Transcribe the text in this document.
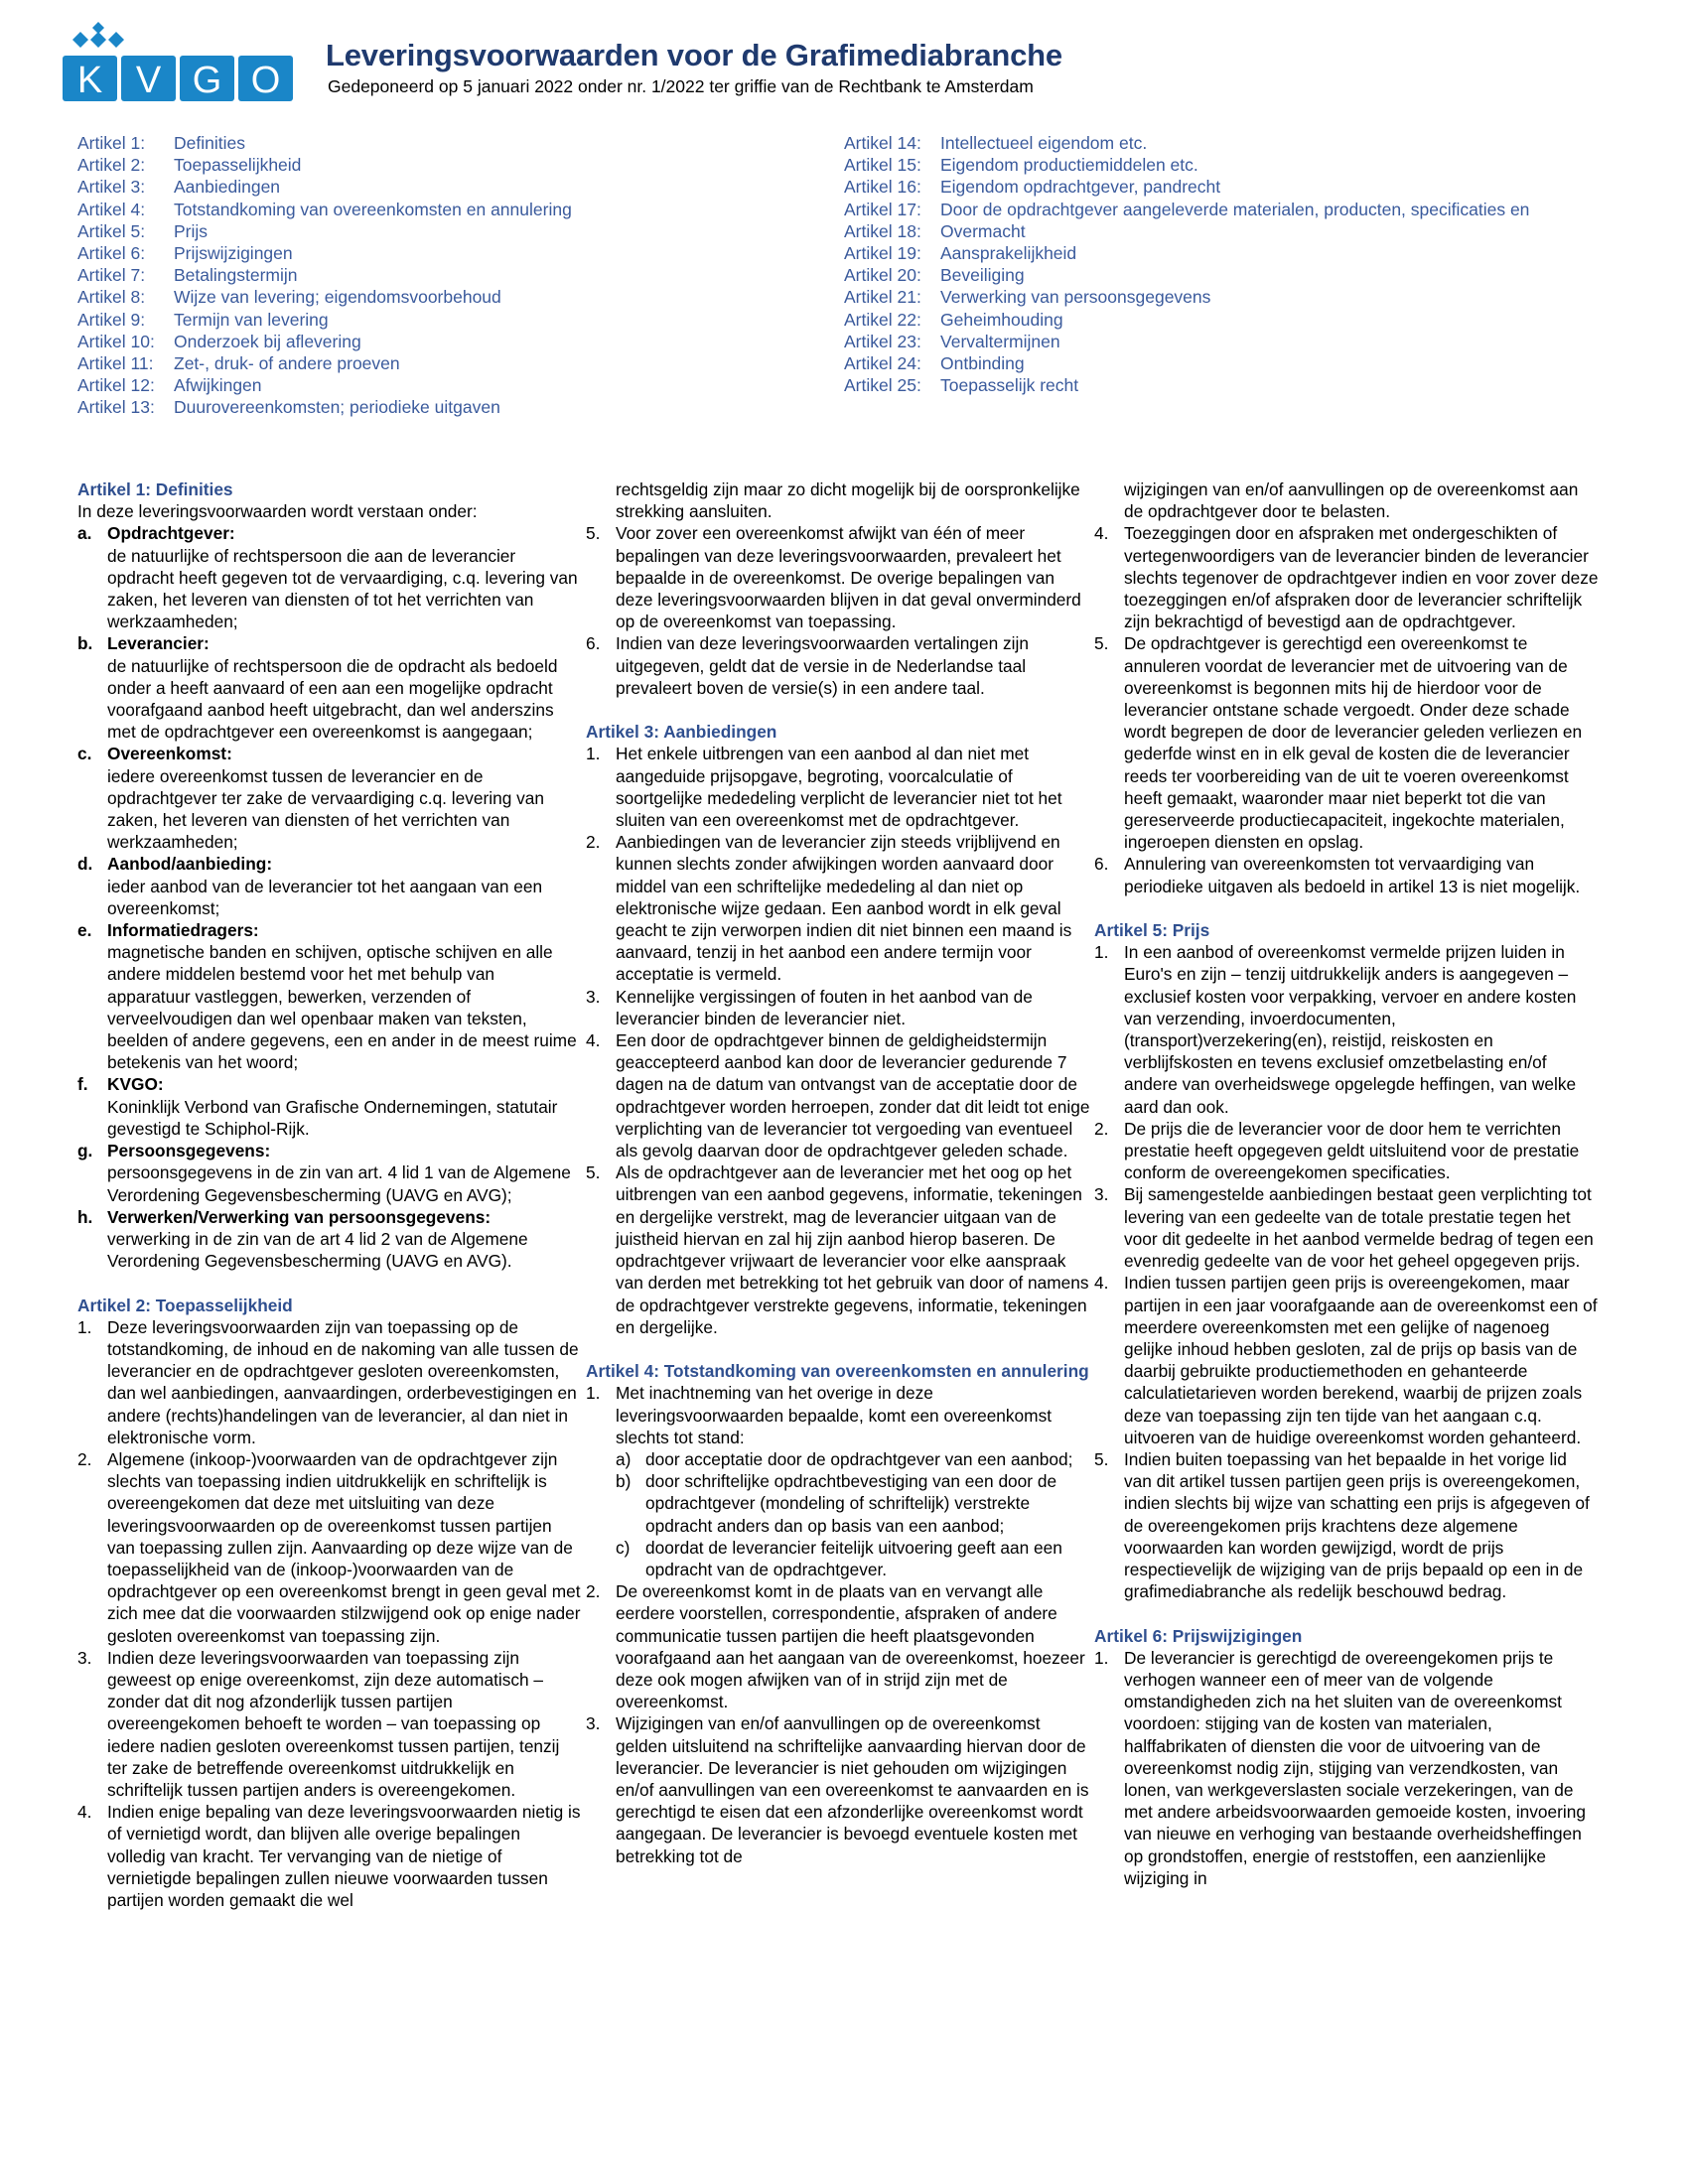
K V G O
Leveringsvoorwaarden voor de Grafimediabranche
Gedeponeerd op 5 januari 2022 onder nr. 1/2022 ter griffie van de Rechtbank te Amsterdam
Artikel 1:	Definities
Artikel 2:	Toepasselijkheid
Artikel 3:	Aanbiedingen
Artikel 4:	Totstandkoming van overeenkomsten en annulering
Artikel 5:	Prijs
Artikel 6:	Prijswijzigingen
Artikel 7:	Betalingstermijn
Artikel 8:	Wijze van levering; eigendomsvoorbehoud
Artikel 9:	Termijn van levering
Artikel 10:	Onderzoek bij aflevering
Artikel 11:	Zet-, druk- of andere proeven
Artikel 12:	Afwijkingen
Artikel 13:	Duurovereenkomsten; periodieke uitgaven
Artikel 14:	Intellectueel eigendom etc.
Artikel 15:	Eigendom productiemiddelen etc.
Artikel 16:	Eigendom opdrachtgever, pandrecht
Artikel 17:	Door de opdrachtgever aangeleverde materialen, producten, specificaties en
Artikel 18:	Overmacht
Artikel 19:	Aansprakelijkheid
Artikel 20:	Beveiliging
Artikel 21:	Verwerking van persoonsgegevens
Artikel 22:	Geheimhouding
Artikel 23:	Vervaltermijnen
Artikel 24:	Ontbinding
Artikel 25:	Toepasselijk recht
Artikel 1: Definities
In deze leveringsvoorwaarden wordt verstaan onder:
a. Opdrachtgever:
de natuurlijke of rechtspersoon die aan de leverancier opdracht heeft gegeven tot de vervaardiging, c.q. levering van zaken, het leveren van diensten of tot het verrichten van werkzaamheden;
b. Leverancier:
de natuurlijke of rechtspersoon die de opdracht als bedoeld onder a heeft aanvaard of een aan een mogelijke opdracht voorafgaand aanbod heeft uitgebracht, dan wel anderszins met de opdrachtgever een overeenkomst is aangegaan;
c. Overeenkomst:
iedere overeenkomst tussen de leverancier en de opdrachtgever ter zake de vervaardiging c.q. levering van zaken, het leveren van diensten of het verrichten van werkzaamheden;
d. Aanbod/aanbieding:
ieder aanbod van de leverancier tot het aangaan van een overeenkomst;
e. Informatiedragers:
magnetische banden en schijven, optische schijven en alle andere middelen bestemd voor het met behulp van apparatuur vastleggen, bewerken, verzenden of verveelvoudigen dan wel openbaar maken van teksten, beelden of andere gegevens, een en ander in de meest ruime betekenis van het woord;
f.	KVGO:
Koninklijk Verbond van Grafische Ondernemingen, statutair gevestigd te Schiphol-Rijk.
g. Persoonsgegevens:
persoonsgegevens in de zin van art. 4 lid 1 van de Algemene Verordening Gegevensbescherming (UAVG en AVG);
h. Verwerken/Verwerking van persoonsgegevens:
verwerking in de zin van de art 4 lid 2 van de Algemene Verordening Gegevensbescherming (UAVG en AVG).
Artikel 2: Toepasselijkheid
1. Deze leveringsvoorwaarden zijn van toepassing op de totstandkoming, de inhoud en de nakoming van alle tussen de leverancier en de opdrachtgever gesloten overeenkomsten, dan wel aanbiedingen, aanvaardingen, orderbevestigingen en andere (rechts)handelingen van de leverancier, al dan niet in elektronische vorm.
2. Algemene (inkoop-)voorwaarden van de opdrachtgever zijn slechts van toepassing indien uitdrukkelijk en schriftelijk is overeengekomen dat deze met uitsluiting van deze leveringsvoorwaarden op de overeenkomst tussen partijen van toepassing zullen zijn. Aanvaarding op deze wijze van de toepasselijkheid van de (inkoop-)voorwaarden van de opdrachtgever op een overeenkomst brengt in geen geval met zich mee dat die voorwaarden stilzwijgend ook op enige nader gesloten overeenkomst van toepassing zijn.
3. Indien deze leveringsvoorwaarden van toepassing zijn geweest op enige overeenkomst, zijn deze automatisch – zonder dat dit nog afzonderlijk tussen partijen overeengekomen behoeft te worden – van toepassing op iedere nadien gesloten overeenkomst tussen partijen, tenzij ter zake de betreffende overeenkomst uitdrukkelijk en schriftelijk tussen partijen anders is overeengekomen.
4. Indien enige bepaling van deze leveringsvoorwaarden nietig is of vernietigd wordt, dan blijven alle overige bepalingen volledig van kracht. Ter vervanging van de nietige of vernietigde bepalingen zullen nieuwe voorwaarden tussen partijen worden gemaakt die wel
rechtsgeldig zijn maar zo dicht mogelijk bij de oorspronkelijke strekking aansluiten.
5. Voor zover een overeenkomst afwijkt van één of meer bepalingen van deze leveringsvoorwaarden, prevaleert het bepaalde in de overeenkomst. De overige bepalingen van deze leveringsvoorwaarden blijven in dat geval onverminderd op de overeenkomst van toepassing.
6. Indien van deze leveringsvoorwaarden vertalingen zijn uitgegeven, geldt dat de versie in de Nederlandse taal prevaleert boven de versie(s) in een andere taal.
Artikel 3: Aanbiedingen
1. Het enkele uitbrengen van een aanbod al dan niet met aangeduide prijsopgave, begroting, voorcalculatie of soortgelijke mededeling verplicht de leverancier niet tot het sluiten van een overeenkomst met de opdrachtgever.
2. Aanbiedingen van de leverancier zijn steeds vrijblijvend en kunnen slechts zonder afwijkingen worden aanvaard door middel van een schriftelijke mededeling al dan niet op elektronische wijze gedaan. Een aanbod wordt in elk geval geacht te zijn verworpen indien dit niet binnen een maand is aanvaard, tenzij in het aanbod een andere termijn voor acceptatie is vermeld.
3. Kennelijke vergissingen of fouten in het aanbod van de leverancier binden de leverancier niet.
4. Een door de opdrachtgever binnen de geldigheidstermijn geaccepteerd aanbod kan door de leverancier gedurende 7 dagen na de datum van ontvangst van de acceptatie door de opdrachtgever worden herroepen, zonder dat dit leidt tot enige verplichting van de leverancier tot vergoeding van eventueel als gevolg daarvan door de opdrachtgever geleden schade.
5. Als de opdrachtgever aan de leverancier met het oog op het uitbrengen van een aanbod gegevens, informatie, tekeningen en dergelijke verstrekt, mag de leverancier uitgaan van de juistheid hiervan en zal hij zijn aanbod hierop baseren. De opdrachtgever vrijwaart de leverancier voor elke aanspraak van derden met betrekking tot het gebruik van door of namens de opdrachtgever verstrekte gegevens, informatie, tekeningen en dergelijke.
Artikel 4: Totstandkoming van overeenkomsten en annulering
1. Met inachtneming van het overige in deze leveringsvoorwaarden bepaalde, komt een overeenkomst slechts tot stand:
a) door acceptatie door de opdrachtgever van een aanbod;
b) door schriftelijke opdrachtbevestiging van een door de opdrachtgever (mondeling of schriftelijk) verstrekte opdracht anders dan op basis van een aanbod;
c) doordat de leverancier feitelijk uitvoering geeft aan een opdracht van de opdrachtgever.
2. De overeenkomst komt in de plaats van en vervangt alle eerdere voorstellen, correspondentie, afspraken of andere communicatie tussen partijen die heeft plaatsgevonden voorafgaand aan het aangaan van de overeenkomst, hoezeer deze ook mogen afwijken van of in strijd zijn met de overeenkomst.
3. Wijzigingen van en/of aanvullingen op de overeenkomst gelden uitsluitend na schriftelijke aanvaarding hiervan door de leverancier. De leverancier is niet gehouden om wijzigingen en/of aanvullingen van een overeenkomst te aanvaarden en is gerechtigd te eisen dat een afzonderlijke overeenkomst wordt aangegaan. De leverancier is bevoegd eventuele kosten met betrekking tot de
wijzigingen van en/of aanvullingen op de overeenkomst aan de opdrachtgever door te belasten.
4. Toezeggingen door en afspraken met ondergeschikten of vertegenwoordigers van de leverancier binden de leverancier slechts tegenover de opdrachtgever indien en voor zover deze toezeggingen en/of afspraken door de leverancier schriftelijk zijn bekrachtigd of bevestigd aan de opdrachtgever.
5. De opdrachtgever is gerechtigd een overeenkomst te annuleren voordat de leverancier met de uitvoering van de overeenkomst is begonnen mits hij de hierdoor voor de leverancier ontstane schade vergoedt. Onder deze schade wordt begrepen de door de leverancier geleden verliezen en gederfde winst en in elk geval de kosten die de leverancier reeds ter voorbereiding van de uit te voeren overeenkomst heeft gemaakt, waaronder maar niet beperkt tot die van gereserveerde productiecapaciteit, ingekochte materialen, ingeroepen diensten en opslag.
6. Annulering van overeenkomsten tot vervaardiging van periodieke uitgaven als bedoeld in artikel 13 is niet mogelijk.
Artikel 5: Prijs
1. In een aanbod of overeenkomst vermelde prijzen luiden in Euro's en zijn – tenzij uitdrukkelijk anders is aangegeven – exclusief kosten voor verpakking, vervoer en andere kosten van verzending, invoerdocumenten, (transport)verzekering(en), reistijd, reiskosten en verblijfskosten en tevens exclusief omzetbelasting en/of andere van overheidswege opgelegde heffingen, van welke aard dan ook.
2. De prijs die de leverancier voor de door hem te verrichten prestatie heeft opgegeven geldt uitsluitend voor de prestatie conform de overeengekomen specificaties.
3. Bij samengestelde aanbiedingen bestaat geen verplichting tot levering van een gedeelte van de totale prestatie tegen het voor dit gedeelte in het aanbod vermelde bedrag of tegen een evenredig gedeelte van de voor het geheel opgegeven prijs.
4. Indien tussen partijen geen prijs is overeengekomen, maar partijen in een jaar voorafgaande aan de overeenkomst een of meerdere overeenkomsten met een gelijke of nagenoeg gelijke inhoud hebben gesloten, zal de prijs op basis van de daarbij gebruikte productiemethoden en gehanteerde calculatietarieven worden berekend, waarbij de prijzen zoals deze van toepassing zijn ten tijde van het aangaan c.q. uitvoeren van de huidige overeenkomst worden gehanteerd.
5. Indien buiten toepassing van het bepaalde in het vorige lid van dit artikel tussen partijen geen prijs is overeengekomen, indien slechts bij wijze van schatting een prijs is afgegeven of de overeengekomen prijs krachtens deze algemene voorwaarden kan worden gewijzigd, wordt de prijs respectievelijk de wijziging van de prijs bepaald op een in de grafimediabranche als redelijk beschouwd bedrag.
Artikel 6: Prijswijzigingen
1. De leverancier is gerechtigd de overeengekomen prijs te verhogen wanneer een of meer van de volgende omstandigheden zich na het sluiten van de overeenkomst voordoen: stijging van de kosten van materialen, halffabrikaten of diensten die voor de uitvoering van de overeenkomst nodig zijn, stijging van verzendkosten, van lonen, van werkgeverslasten sociale verzekeringen, van de met andere arbeidsvoorwaarden gemoeide kosten, invoering van nieuwe en verhoging van bestaande overheidsheffingen op grondstoffen, energie of reststoffen, een aanzienlijke wijziging in
